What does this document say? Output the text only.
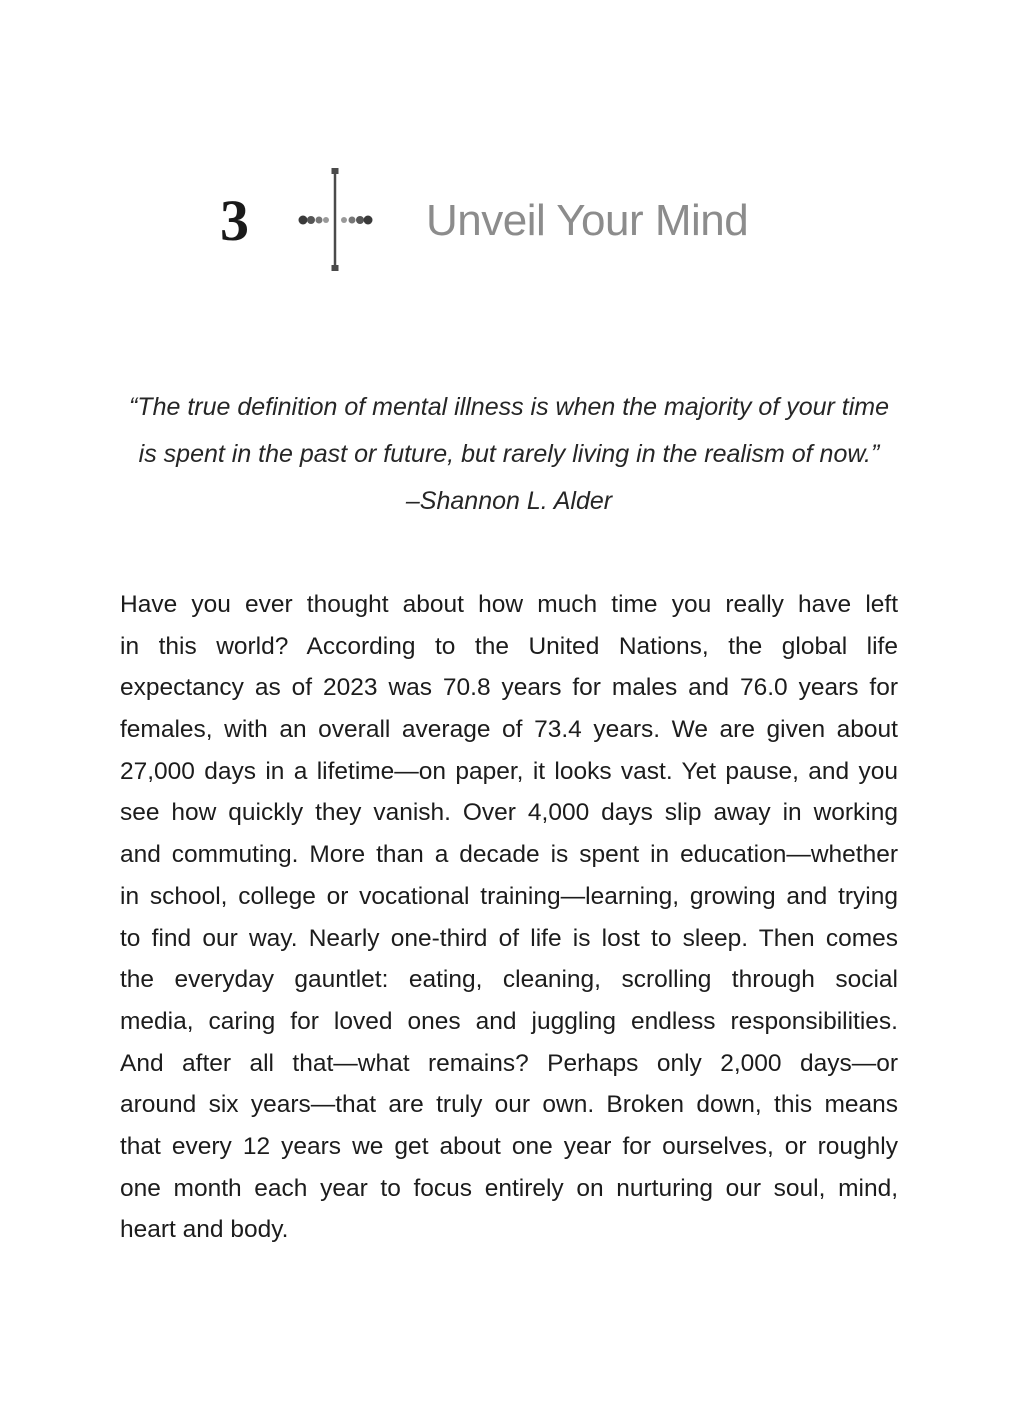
3	Unveil Your Mind

“The true definition of mental illness is when the majority of your time

is spent in the past or future, but rarely living in the realism of now.”

–Shannon L. Alder

Have you ever thought about how much time you really have left
in this world? According to the United Nations, the global life
expectancy as of 2023 was 70.8 years for males and 76.0 years for
females, with an overall average of 73.4 years. We are given about
27,000 days in a lifetime—on paper, it looks vast. Yet pause, and you
see how quickly they vanish. Over 4,000 days slip away in working
and commuting. More than a decade is spent in education—whether
in school, college or vocational training—learning, growing and trying
to find our way. Nearly one-third of life is lost to sleep. Then comes
the everyday gauntlet: eating, cleaning, scrolling through social
media, caring for loved ones and juggling endless responsibilities.
And after all that—what remains? Perhaps only 2,000 days—or
around six years—that are truly our own. Broken down, this means
that every 12 years we get about one year for ourselves, or roughly
one month each year to focus entirely on nurturing our soul, mind,
heart and body.
